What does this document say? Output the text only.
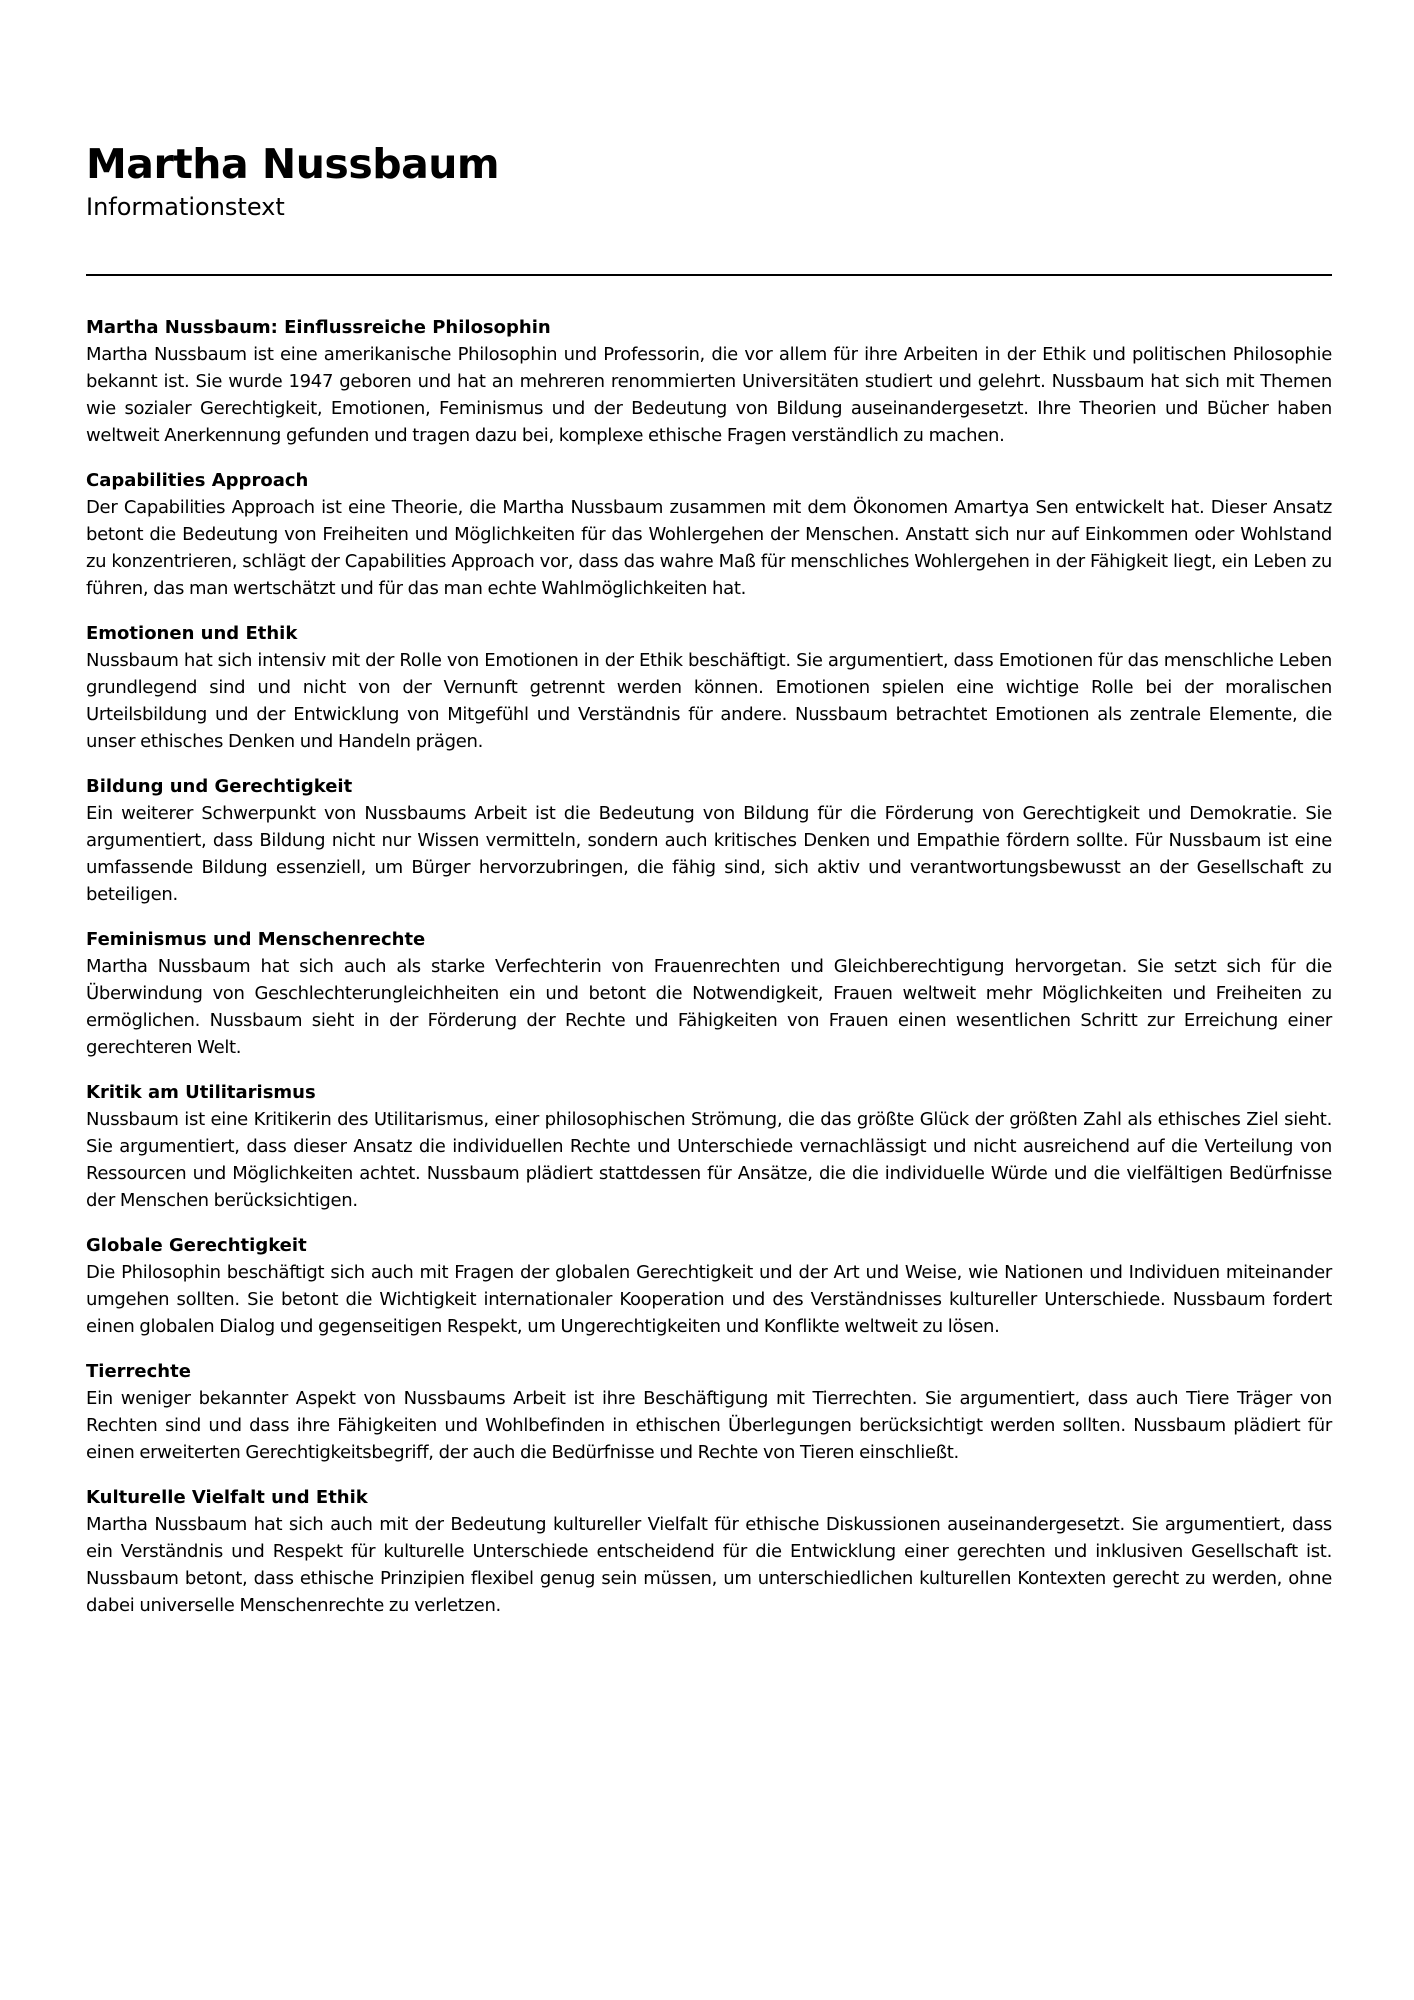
Martha Nussbaum
Informationstext
Martha Nussbaum: Einflussreiche Philosophin

Martha Nussbaum ist eine amerikanische Philosophin und Professorin, die vor allem für ihre Arbeiten in der Ethik und politischen Philosophie bekannt ist. Sie wurde 1947 geboren und hat an mehreren renommierten Universitäten studiert und gelehrt. Nussbaum hat sich mit Themen wie sozialer Gerechtigkeit, Emotionen, Feminismus und der Bedeutung von Bildung auseinandergesetzt. Ihre Theorien und Bücher haben weltweit Anerkennung gefunden und tragen dazu bei, komplexe ethische Fragen verständlich zu machen.

Capabilities Approach

Der Capabilities Approach ist eine Theorie, die Martha Nussbaum zusammen mit dem Ökonomen Amartya Sen entwickelt hat. Dieser Ansatz betont die Bedeutung von Freiheiten und Möglichkeiten für das Wohlergehen der Menschen. Anstatt sich nur auf Einkommen oder Wohlstand zu konzentrieren, schlägt der Capabilities Approach vor, dass das wahre Maß für menschliches Wohlergehen in der Fähigkeit liegt, ein Leben zu führen, das man wertschätzt und für das man echte Wahlmöglichkeiten hat.

Emotionen und Ethik

Nussbaum hat sich intensiv mit der Rolle von Emotionen in der Ethik beschäftigt. Sie argumentiert, dass Emotionen für das menschliche Leben grundlegend sind und nicht von der Vernunft getrennt werden können. Emotionen spielen eine wichtige Rolle bei der moralischen Urteilsbildung und der Entwicklung von Mitgefühl und Verständnis für andere. Nussbaum betrachtet Emotionen als zentrale Elemente, die unser ethisches Denken und Handeln prägen.

Bildung und Gerechtigkeit

Ein weiterer Schwerpunkt von Nussbaums Arbeit ist die Bedeutung von Bildung für die Förderung von Gerechtigkeit und Demokratie. Sie argumentiert, dass Bildung nicht nur Wissen vermitteln, sondern auch kritisches Denken und Empathie fördern sollte. Für Nussbaum ist eine umfassende Bildung essenziell, um Bürger hervorzubringen, die fähig sind, sich aktiv und verantwortungsbewusst an der Gesellschaft zu beteiligen.

Feminismus und Menschenrechte

Martha Nussbaum hat sich auch als starke Verfechterin von Frauenrechten und Gleichberechtigung hervorgetan. Sie setzt sich für die Überwindung von Geschlechterungleichheiten ein und betont die Notwendigkeit, Frauen weltweit mehr Möglichkeiten und Freiheiten zu ermöglichen. Nussbaum sieht in der Förderung der Rechte und Fähigkeiten von Frauen einen wesentlichen Schritt zur Erreichung einer gerechteren Welt.

Kritik am Utilitarismus

Nussbaum ist eine Kritikerin des Utilitarismus, einer philosophischen Strömung, die das größte Glück der größten Zahl als ethisches Ziel sieht. Sie argumentiert, dass dieser Ansatz die individuellen Rechte und Unterschiede vernachlässigt und nicht ausreichend auf die Verteilung von Ressourcen und Möglichkeiten achtet. Nussbaum plädiert stattdessen für Ansätze, die die individuelle Würde und die vielfältigen Bedürfnisse der Menschen berücksichtigen.

Globale Gerechtigkeit

Die Philosophin beschäftigt sich auch mit Fragen der globalen Gerechtigkeit und der Art und Weise, wie Nationen und Individuen miteinander umgehen sollten. Sie betont die Wichtigkeit internationaler Kooperation und des Verständnisses kultureller Unterschiede. Nussbaum fordert einen globalen Dialog und gegenseitigen Respekt, um Ungerechtigkeiten und Konflikte weltweit zu lösen.

Tierrechte

Ein weniger bekannter Aspekt von Nussbaums Arbeit ist ihre Beschäftigung mit Tierrechten. Sie argumentiert, dass auch Tiere Träger von Rechten sind und dass ihre Fähigkeiten und Wohlbefinden in ethischen Überlegungen berücksichtigt werden sollten. Nussbaum plädiert für einen erweiterten Gerechtigkeitsbegriff, der auch die Bedürfnisse und Rechte von Tieren einschließt.

Kulturelle Vielfalt und Ethik

Martha Nussbaum hat sich auch mit der Bedeutung kultureller Vielfalt für ethische Diskussionen auseinandergesetzt. Sie argumentiert, dass ein Verständnis und Respekt für kulturelle Unterschiede entscheidend für die Entwicklung einer gerechten und inklusiven Gesellschaft ist. Nussbaum betont, dass ethische Prinzipien flexibel genug sein müssen, um unterschiedlichen kulturellen Kontexten gerecht zu werden, ohne dabei universelle Menschenrechte zu verletzen.
